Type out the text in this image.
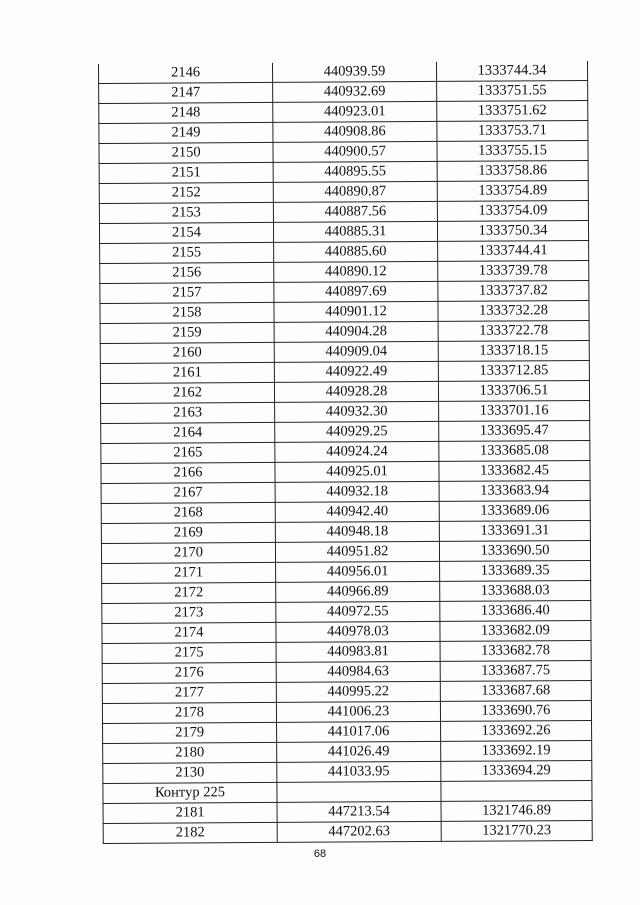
2146	440939.59	1333744.34
2147	440932.69	1333751.55
2148	440923.01	1333751.62
2149	440908.86	1333753.71
2150	440900.57	1333755.15
2151	440895.55	1333758.86
2152	440890.87	1333754.89
2153	440887.56	1333754.09
2154	440885.31	1333750.34
2155	440885.60	1333744.41
2156	440890.12	1333739.78
2157	440897.69	1333737.82
2158	440901.12	1333732.28
2159	440904.28	1333722.78
2160	440909.04	1333718.15
2161	440922.49	1333712.85
2162	440928.28	1333706.51
2163	440932.30	1333701.16
2164	440929.25	1333695.47
2165	440924.24	1333685.08
2166	440925.01	1333682.45
2167	440932.18	1333683.94
2168	440942.40	1333689.06
2169	440948.18	1333691.31
2170	440951.82	1333690.50
2171	440956.01	1333689.35
2172	440966.89	1333688.03
2173	440972.55	1333686.40
2174	440978.03	1333682.09
2175	440983.81	1333682.78
2176	440984.63	1333687.75
2177	440995.22	1333687.68
2178	441006.23	1333690.76
2179	441017.06	1333692.26
2180	441026.49	1333692.19
2130	441033.95	1333694.29
Контур 225		
2181	447213.54	1321746.89
2182	447202.63	1321770.23
68
